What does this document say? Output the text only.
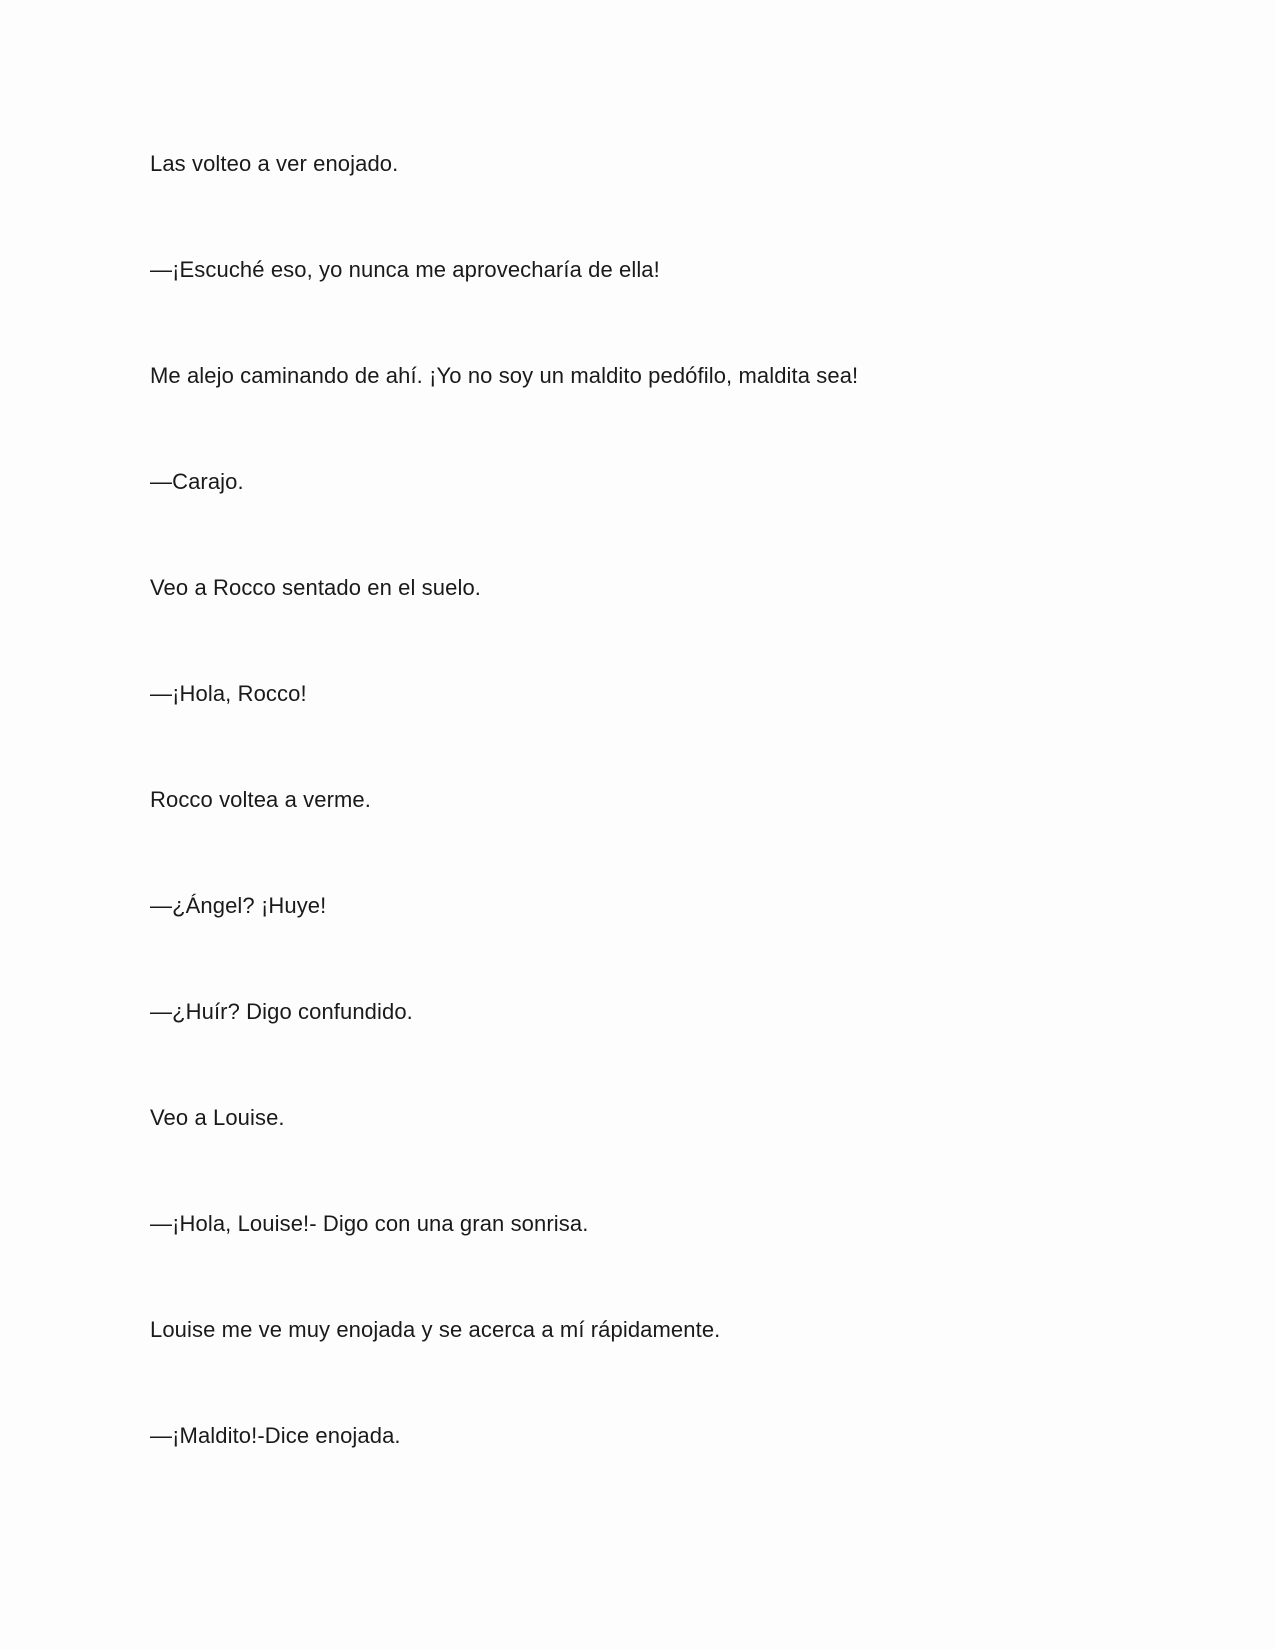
Las volteo a ver enojado.

—¡Escuché eso, yo nunca me aprovecharía de ella!

Me alejo caminando de ahí. ¡Yo no soy un maldito pedófilo, maldita sea!

—Carajo.

Veo a Rocco sentado en el suelo.

—¡Hola, Rocco!

Rocco voltea a verme.

—¿Ángel? ¡Huye!

—¿Huír? Digo confundido.

Veo a Louise.

—¡Hola, Louise!- Digo con una gran sonrisa.

Louise me ve muy enojada y se acerca a mí rápidamente.

—¡Maldito!-Dice enojada.
